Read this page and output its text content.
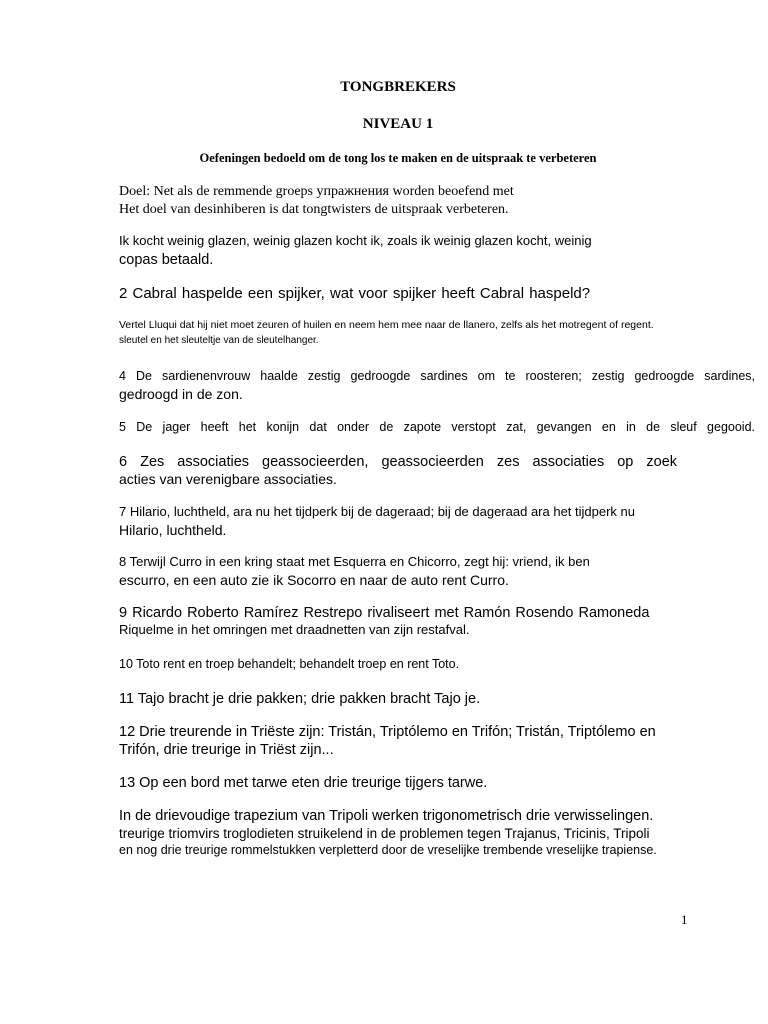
TONGBREKERS
NIVEAU 1
Oefeningen bedoeld om de tong los te maken en de uitspraak te verbeteren
Doel: Net als de remmende groeps упражнения worden beoefend met
Het doel van desinhiberen is dat tongtwisters de uitspraak verbeteren.
Ik kocht weinig glazen, weinig glazen kocht ik, zoals ik weinig glazen kocht, weinig
copas betaald.
2 Cabral haspelde een spijker, wat voor spijker heeft Cabral haspeld?
Vertel Lluqui dat hij niet moet zeuren of huilen en neem hem mee naar de llanero, zelfs als het motregent of regent.
sleutel en het sleuteltje van de sleutelhanger.
4 De sardienenvrouw haalde zestig gedroogde sardines om te roosteren; zestig gedroogde sardines,
gedroogd in de zon.
5 De jager heeft het konijn dat onder de zapote verstopt zat, gevangen en in de sleuf gegooid.
6 Zes associaties geassocieerden, geassocieerden zes associaties op zoek
acties van verenigbare associaties.
7 Hilario, luchtheld, ara nu het tijdperk bij de dageraad; bij de dageraad ara het tijdperk nu
Hilario, luchtheld.
8 Terwijl Curro in een kring staat met Esquerra en Chicorro, zegt hij: vriend, ik ben
escurro, en een auto zie ik Socorro en naar de auto rent Curro.
9 Ricardo Roberto Ramírez Restrepo rivaliseert met Ramón Rosendo Ramoneda
Riquelme in het omringen met draadnetten van zijn restafval.
10 Toto rent en troep behandelt; behandelt troep en rent Toto.
11 Tajo bracht je drie pakken; drie pakken bracht Tajo je.
12 Drie treurende in Triëste zijn: Tristán, Triptólemo en Trifón; Tristán, Triptólemo en
Trifón, drie treurige in Triëst zijn...
13 Op een bord met tarwe eten drie treurige tijgers tarwe.
In de drievoudige trapezium van Tripoli werken trigonometrisch drie verwisselingen.
treurige triomvirs troglodieten struikelend in de problemen tegen Trajanus, Tricinis, Tripoli
en nog drie treurige rommelstukken verpletterd door de vreselijke trembende vreselijke trapiense.
1
